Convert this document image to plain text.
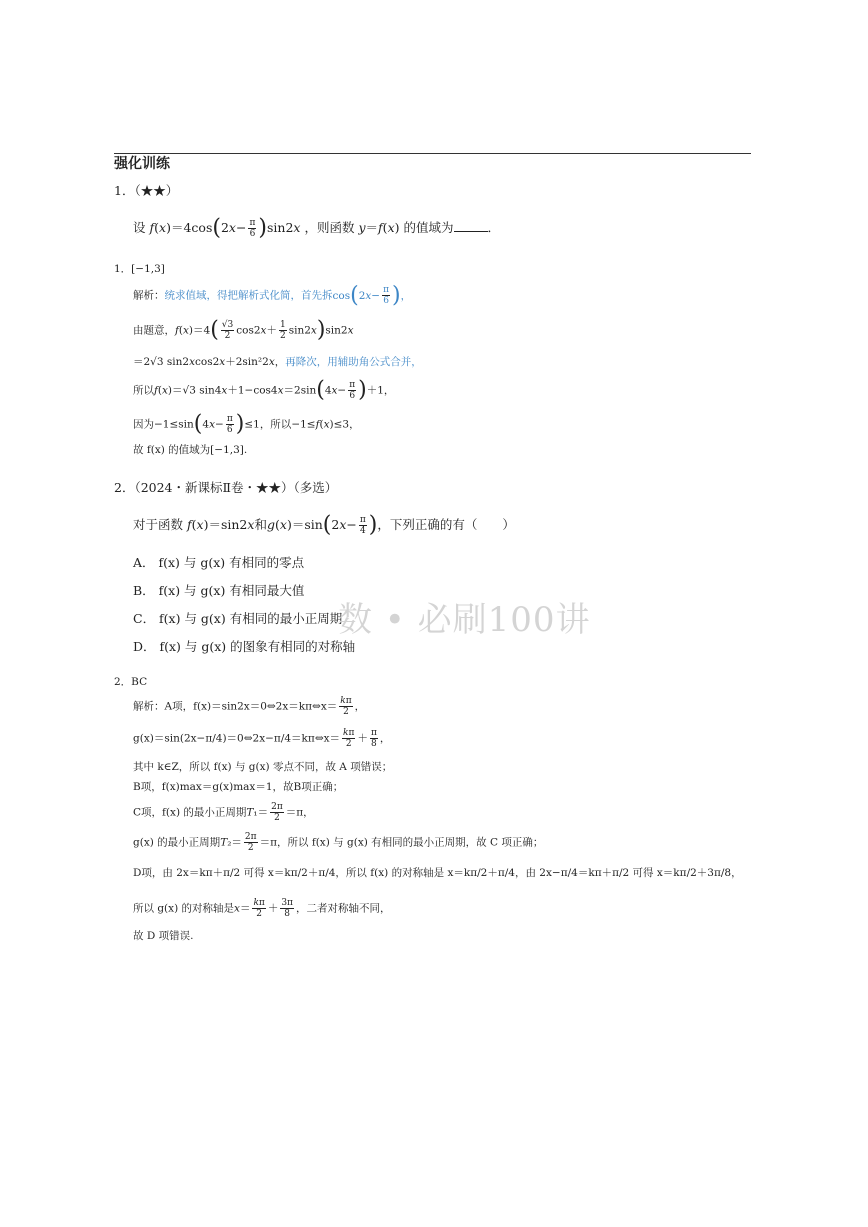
强化训练
1．（★★）
设 $f(x)=4\cos(2x- \frac{\pi}{6} )\sin 2x$ ，则函数 y＝f(x) 的值域为	．
1．[−1,3]
解析：统求值域，得把解析式化简，首先拆$\cos(2x- \frac{\pi}{6}$ )，
由题意，$f(x)=4( \frac{√3}{2} \cos 2x+ \frac{1}{2} \sin 2x)\sin 2x$
＝2√3 sin2xcos2x＋2sin²2x，再降次，用辅助角公式合并，
所以f(x)＝√3 $\sin 4x+1-\cos 4x=2\sin(4x- \frac{\pi}{6} )+1$，
因为$-1\le\sin(4x- \frac{\pi}{6} )\le 1$，所以−1≤f(x)≤3，
故 f(x) 的值域为[−1,3].
2．（2024・新课标Ⅱ卷・★★）（多选）
对于函数 f(x)＝sin2x和$g(x)=\sin(2x- \frac{\pi}{4}$ )，下列正确的有（　　）
A． f(x) 与 g(x) 有相同的零点
B． f(x) 与 g(x) 有相同最大值
C． f(x) 与 g(x) 有相同的最小正周期
D． f(x) 与 g(x) 的图象有相同的对称轴
2．BC
解析：A项，f(x)＝sin2x＝0⇔2x＝kπ⇔x＝ $\frac{k\pi}{2}$ ，
g(x)＝sin(2x−π/4)＝0⇔2x−π/4＝kπ⇔x＝ $\frac{k\pi}{2} + \frac{\pi}{8}$ ，
其中 k∈Z，所以 f(x) 与 g(x) 零点不同，故 A 项错误；
B项，f(x)max＝g(x)max＝1，故B项正确；
C项，f(x) 的最小正周期$T_1= \frac{2\pi}{2} =\pi$，
g(x) 的最小正周期$T_2= \frac{2\pi}{2} =\pi$，所以 f(x) 与 g(x) 有相同的最小正周期，故 C 项正确；
D项，由 2x＝kπ＋π/2 可得 x＝kπ/2＋π/4，所以 f(x) 的对称轴是 x＝kπ/2＋π/4，由 2x−π/4＝kπ＋π/2 可得 x＝kπ/2＋3π/8，
所以 g(x) 的对称轴是$x= \frac{k\pi}{2} + \frac{3\pi}{8}$ ，二者对称轴不同，
故 D 项错误.
数 • 必刷100讲
